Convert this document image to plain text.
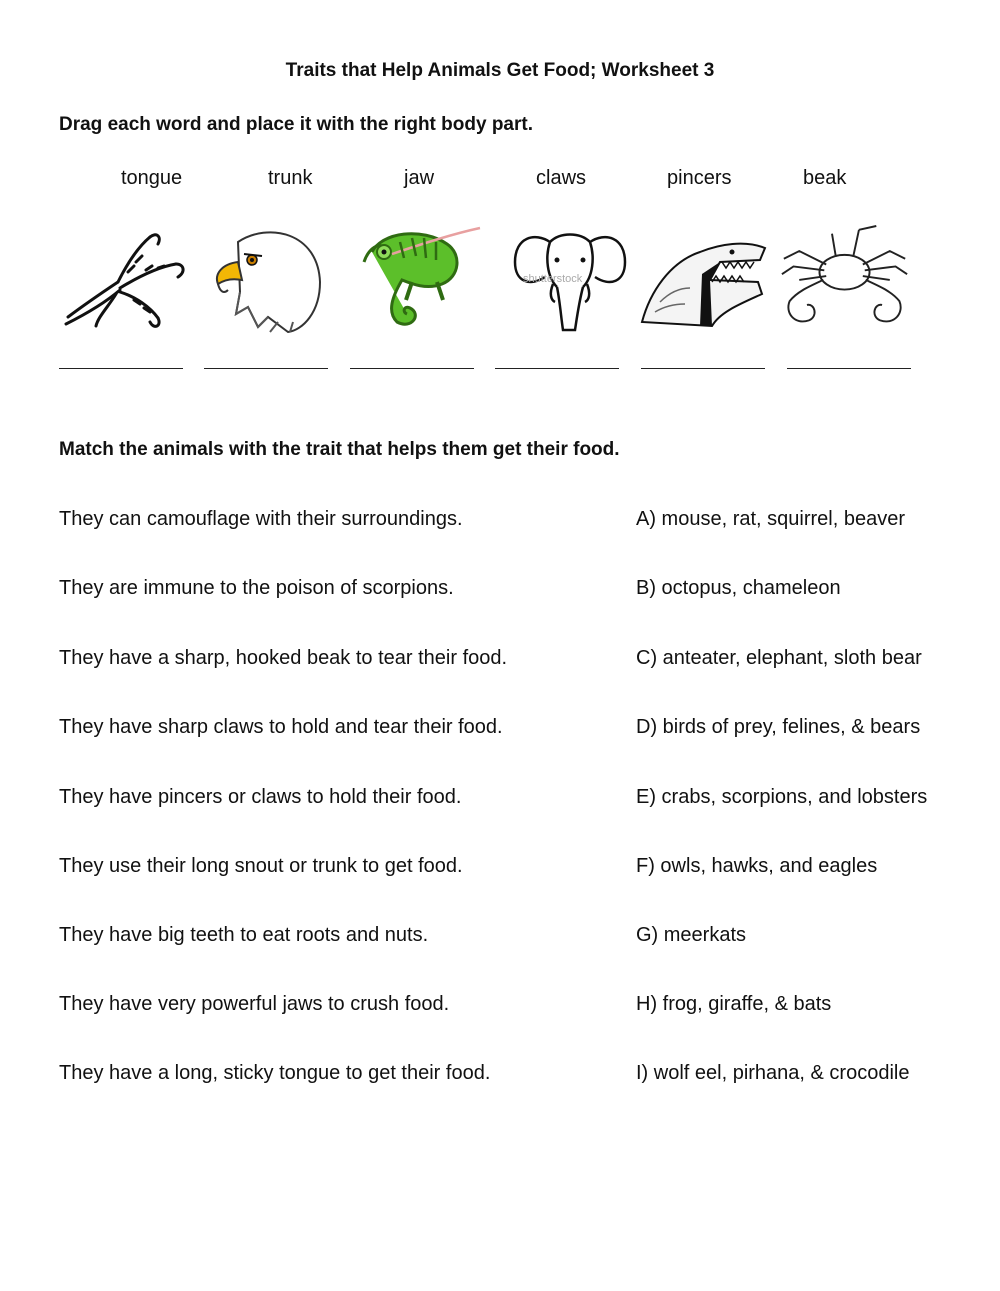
Traits that Help Animals Get Food; Worksheet 3
Drag each word and place it with the right body part.
tongue	trunk	jaw	claws	pincers	beak
shutterstock
Match the animals with the trait that helps them get their food.
They can camouflage with their surroundings.
They are immune to the poison of scorpions.
They have a sharp, hooked beak to tear their food.
They have sharp claws to hold and tear their food.
They have pincers or claws to hold their food.
They use their long snout or trunk to get food.
They have big teeth to eat roots and nuts.
They have very powerful jaws to crush food.
They have a long, sticky tongue to get their food.
A) mouse, rat, squirrel, beaver
B) octopus, chameleon
C) anteater, elephant, sloth bear
D) birds of prey, felines, & bears
E) crabs, scorpions, and lobsters
F) owls, hawks, and eagles
G) meerkats
H) frog, giraffe, & bats
I) wolf eel, pirhana, & crocodile
